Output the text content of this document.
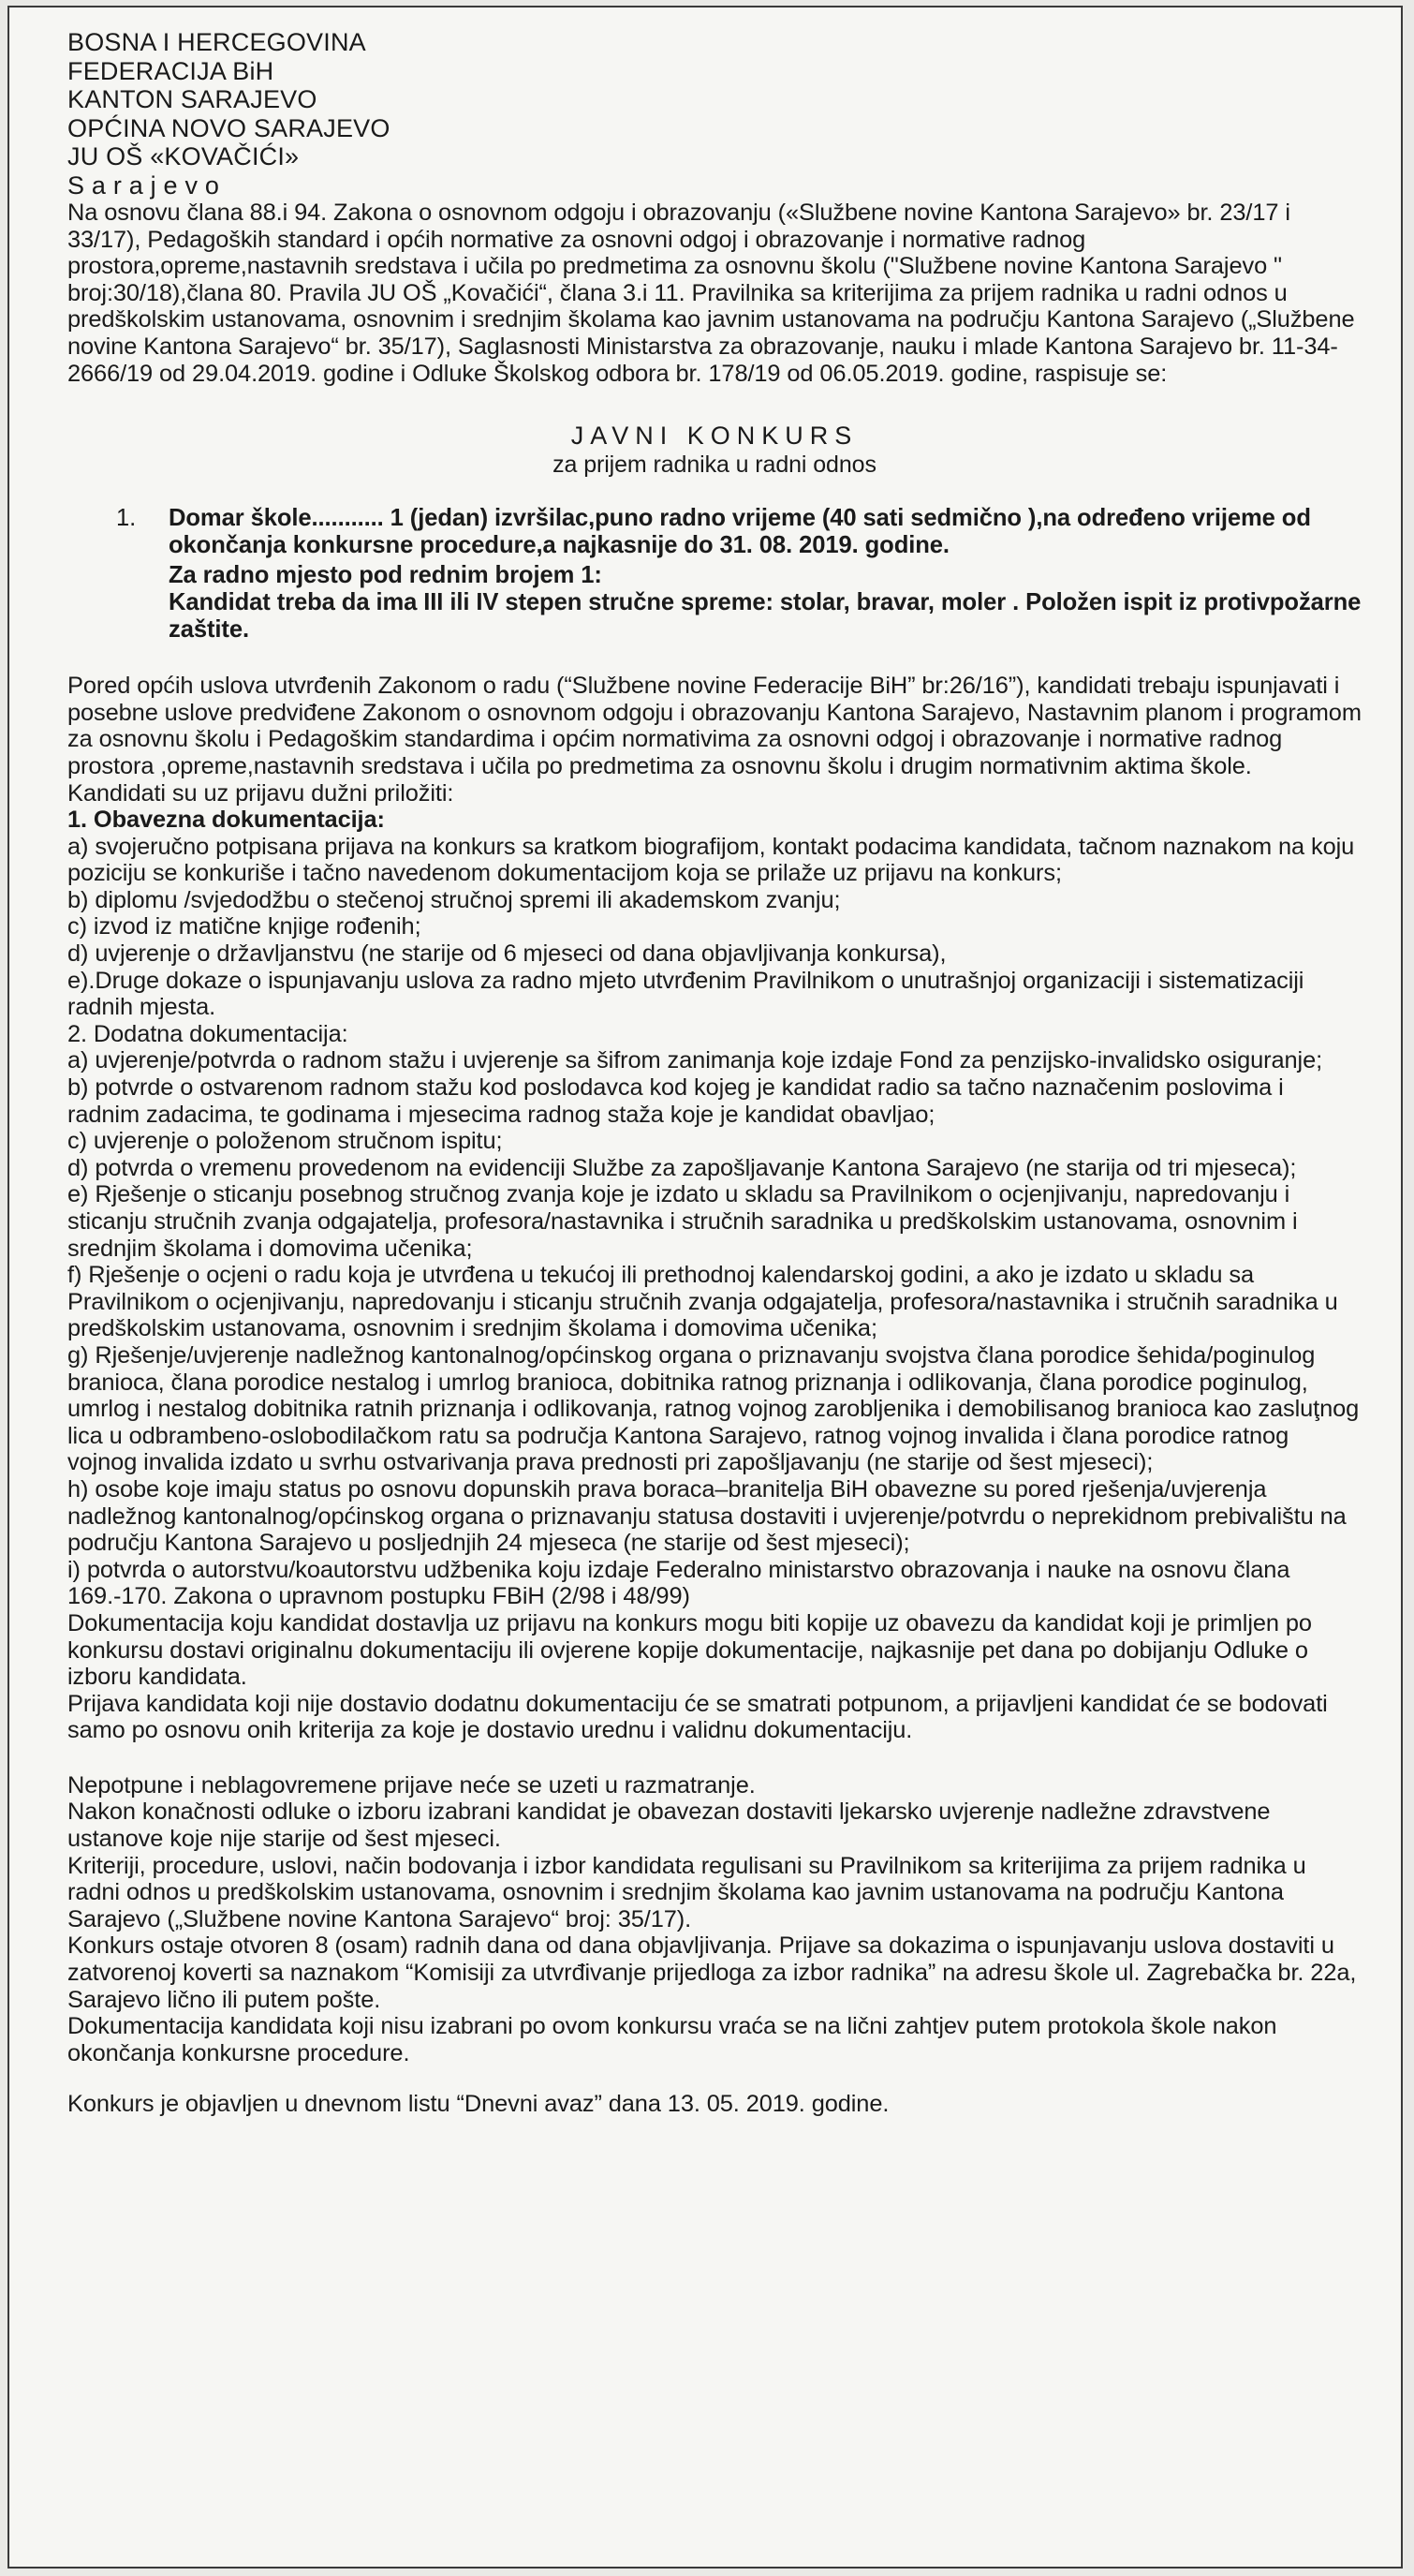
BOSNA I HERCEGOVINA
FEDERACIJA BiH
KANTON SARAJEVO
OPĆINA NOVO SARAJEVO
JU OŠ «KOVAČIĆI»
S a r a j e v o

Na osnovu člana 88.i 94. Zakona o osnovnom odgoju i obrazovanju («Službene novine Kantona Sarajevo» br. 23/17 i 33/17), Pedagoških standard i općih normative za osnovni odgoj i obrazovanje i normative radnog prostora,opreme,nastavnih sredstava i učila po predmetima za osnovnu školu ("Službene novine Kantona Sarajevo " broj:30/18),člana 80. Pravila JU OŠ „Kovačići“, člana 3.i 11. Pravilnika sa kriterijima za prijem radnika u radni odnos u predškolskim ustanovama, osnovnim i srednjim školama kao javnim ustanovama na području Kantona Sarajevo („Službene novine Kantona Sarajevo“ br. 35/17), Saglasnosti Ministarstva za obrazovanje, nauku i mlade Kantona Sarajevo br. 11-34-2666/19 od 29.04.2019. godine i Odluke Školskog odbora br. 178/19 od 06.05.2019. godine, raspisuje se:

JAVNI KONKURS
za prijem radnika u radni odnos
1. Domar škole........... 1 (jedan) izvršilac,puno radno vrijeme (40 sati sedmično ),na određeno vrijeme od okončanja konkursne procedure,a najkasnije do 31. 08. 2019. godine.

Za radno mjesto pod rednim brojem 1:

Kandidat treba da ima III ili IV stepen stručne spreme: stolar, bravar, moler . Položen ispit iz protivpožarne zaštite.

Pored općih uslova utvrđenih Zakonom o radu (“Službene novine Federacije BiH” br:26/16”), kandidati trebaju ispunjavati i posebne uslove predviđene Zakonom o osnovnom odgoju i obrazovanju Kantona Sarajevo, Nastavnim planom i programom za osnovnu školu i Pedagoškim standardima i općim normativima za osnovni odgoj i obrazovanje i normative radnog prostora ,opreme,nastavnih sredstava i učila po predmetima za osnovnu školu i drugim normativnim aktima škole.

Kandidati su uz prijavu dužni priložiti:

1. Obavezna dokumentacija:

a) svojeručno potpisana prijava na konkurs sa kratkom biografijom, kontakt podacima kandidata, tačnom naznakom na koju poziciju se konkuriše i tačno navedenom dokumentacijom koja se prilaže uz prijavu na konkurs;

b) diplomu /svjedodžbu o stečenoj stručnoj spremi ili akademskom zvanju;

c) izvod iz matične knjige rođenih;

d) uvjerenje o državljanstvu (ne starije od 6 mjeseci od dana objavljivanja konkursa),

e).Druge dokaze o ispunjavanju uslova za radno mjeto utvrđenim Pravilnikom o unutrašnjoj organizaciji i sistematizaciji radnih mjesta.

2. Dodatna dokumentacija:

a) uvjerenje/potvrda o radnom stažu i uvjerenje sa šifrom zanimanja koje izdaje Fond za penzijsko-invalidsko osiguranje;

b) potvrde o ostvarenom radnom stažu kod poslodavca kod kojeg je kandidat radio sa tačno naznačenim poslovima i radnim zadacima, te godinama i mjesecima radnog staža koje je kandidat obavljao;

c) uvjerenje o položenom stručnom ispitu;

d) potvrda o vremenu provedenom na evidenciji Službe za zapošljavanje Kantona Sarajevo (ne starija od tri mjeseca);

e) Rješenje o sticanju posebnog stručnog zvanja koje je izdato u skladu sa Pravilnikom o ocjenjivanju, napredovanju i sticanju stručnih zvanja odgajatelja, profesora/nastavnika i stručnih saradnika u predškolskim ustanovama, osnovnim i srednjim školama i domovima učenika;

f) Rješenje o ocjeni o radu koja je utvrđena u tekućoj ili prethodnoj kalendarskoj godini, a ako je izdato u skladu sa Pravilnikom o ocjenjivanju, napredovanju i sticanju stručnih zvanja odgajatelja, profesora/nastavnika i stručnih saradnika u predškolskim ustanovama, osnovnim i srednjim školama i domovima učenika;

g) Rješenje/uvjerenje nadležnog kantonalnog/općinskog organa o priznavanju svojstva člana porodice šehida/poginulog branioca, člana porodice nestalog i umrlog branioca, dobitnika ratnog priznanja i odlikovanja, člana porodice poginulog, umrlog i nestalog dobitnika ratnih priznanja i odlikovanja, ratnog vojnog zarobljenika i demobilisanog branioca kao zasluţnog lica u odbrambeno-oslobodilačkom ratu sa područja Kantona Sarajevo, ratnog vojnog invalida i člana porodice ratnog vojnog invalida izdato u svrhu ostvarivanja prava prednosti pri zapošljavanju (ne starije od šest mjeseci);

h) osobe koje imaju status po osnovu dopunskih prava boraca–branitelja BiH obavezne su pored rješenja/uvjerenja nadležnog kantonalnog/općinskog organa o priznavanju statusa dostaviti i uvjerenje/potvrdu o neprekidnom prebivalištu na području Kantona Sarajevo u posljednjih 24 mjeseca (ne starije od šest mjeseci);

i) potvrda o autorstvu/koautorstvu udžbenika koju izdaje Federalno ministarstvo obrazovanja i nauke na osnovu člana 169.-170. Zakona o upravnom postupku FBiH (2/98 i 48/99)

Dokumentacija koju kandidat dostavlja uz prijavu na konkurs mogu biti kopije uz obavezu da kandidat koji je primljen po konkursu dostavi originalnu dokumentaciju ili ovjerene kopije dokumentacije, najkasnije pet dana po dobijanju Odluke o izboru kandidata.

Prijava kandidata koji nije dostavio dodatnu dokumentaciju će se smatrati potpunom, a prijavljeni kandidat će se bodovati samo po osnovu onih kriterija za koje je dostavio urednu i validnu dokumentaciju.

Nepotpune i neblagovremene prijave neće se uzeti u razmatranje.

Nakon konačnosti odluke o izboru izabrani kandidat je obavezan dostaviti ljekarsko uvjerenje nadležne zdravstvene ustanove koje nije starije od šest mjeseci.

Kriteriji, procedure, uslovi, način bodovanja i izbor kandidata regulisani su Pravilnikom sa kriterijima za prijem radnika u radni odnos u predškolskim ustanovama, osnovnim i srednjim školama kao javnim ustanovama na području Kantona Sarajevo („Službene novine Kantona Sarajevo“ broj: 35/17).

Konkurs ostaje otvoren 8 (osam) radnih dana od dana objavljivanja. Prijave sa dokazima o ispunjavanju uslova dostaviti u zatvorenoj koverti sa naznakom “Komisiji za utvrđivanje prijedloga za izbor radnika” na adresu škole ul. Zagrebačka br. 22a, Sarajevo lično ili putem pošte.

Dokumentacija kandidata koji nisu izabrani po ovom konkursu vraća se na lični zahtjev putem protokola škole nakon okončanja konkursne procedure.

Konkurs je objavljen u dnevnom listu “Dnevni avaz” dana 13. 05. 2019. godine.
